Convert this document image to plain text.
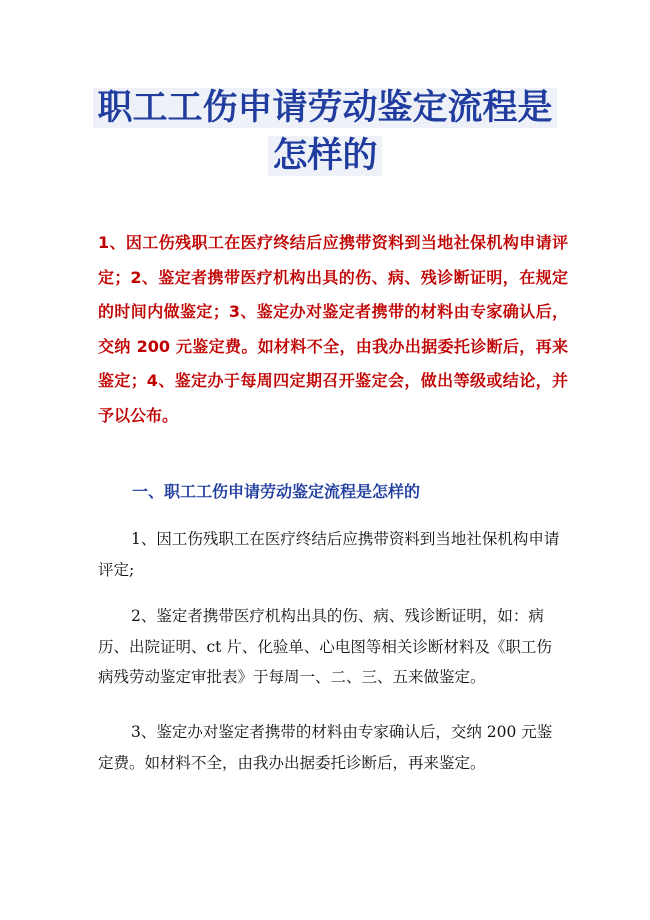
职工工伤申请劳动鉴定流程是
怎样的

1、因工伤残职工在医疗终结后应携带资料到当地社保机构申请评定；2、鉴定者携带医疗机构出具的伤、病、残诊断证明，在规定的时间内做鉴定；3、鉴定办对鉴定者携带的材料由专家确认后，交纳 200 元鉴定费。如材料不全，由我办出据委托诊断后，再来鉴定；4、鉴定办于每周四定期召开鉴定会，做出等级或结论，并予以公布。

一、职工工伤申请劳动鉴定流程是怎样的

1、因工伤残职工在医疗终结后应携带资料到当地社保机构申请评定;

2、鉴定者携带医疗机构出具的伤、病、残诊断证明，如：病历、出院证明、ct 片、化验单、心电图等相关诊断材料及《职工伤病残劳动鉴定审批表》于每周一、二、三、五来做鉴定。

3、鉴定办对鉴定者携带的材料由专家确认后，交纳 200 元鉴定费。如材料不全，由我办出据委托诊断后，再来鉴定。
